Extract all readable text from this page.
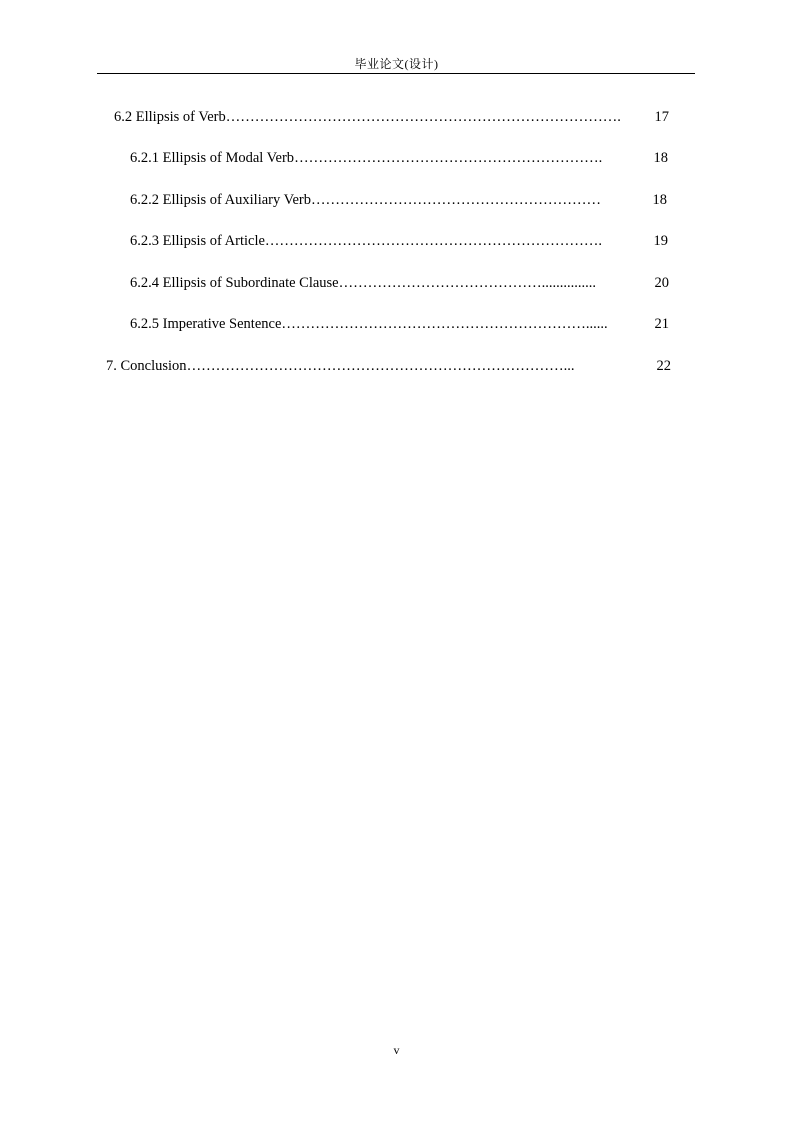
毕业论文(设计)
6.2 Ellipsis of Verb ……………………………………………………………………….	17
6.2.1 Ellipsis of Modal Verb ……………………………………………………….	18
6.2.2 Ellipsis of Auxiliary Verb ……………………………………………………	18
6.2.3 Ellipsis of Article …………………………………………………………….	19
6.2.4 Ellipsis of Subordinate Clause ……………………………………...............	20
6.2.5 Imperative Sentence ………………………………………………………......	21
7. Conclusion ……………………………………………………………………...	22
v
